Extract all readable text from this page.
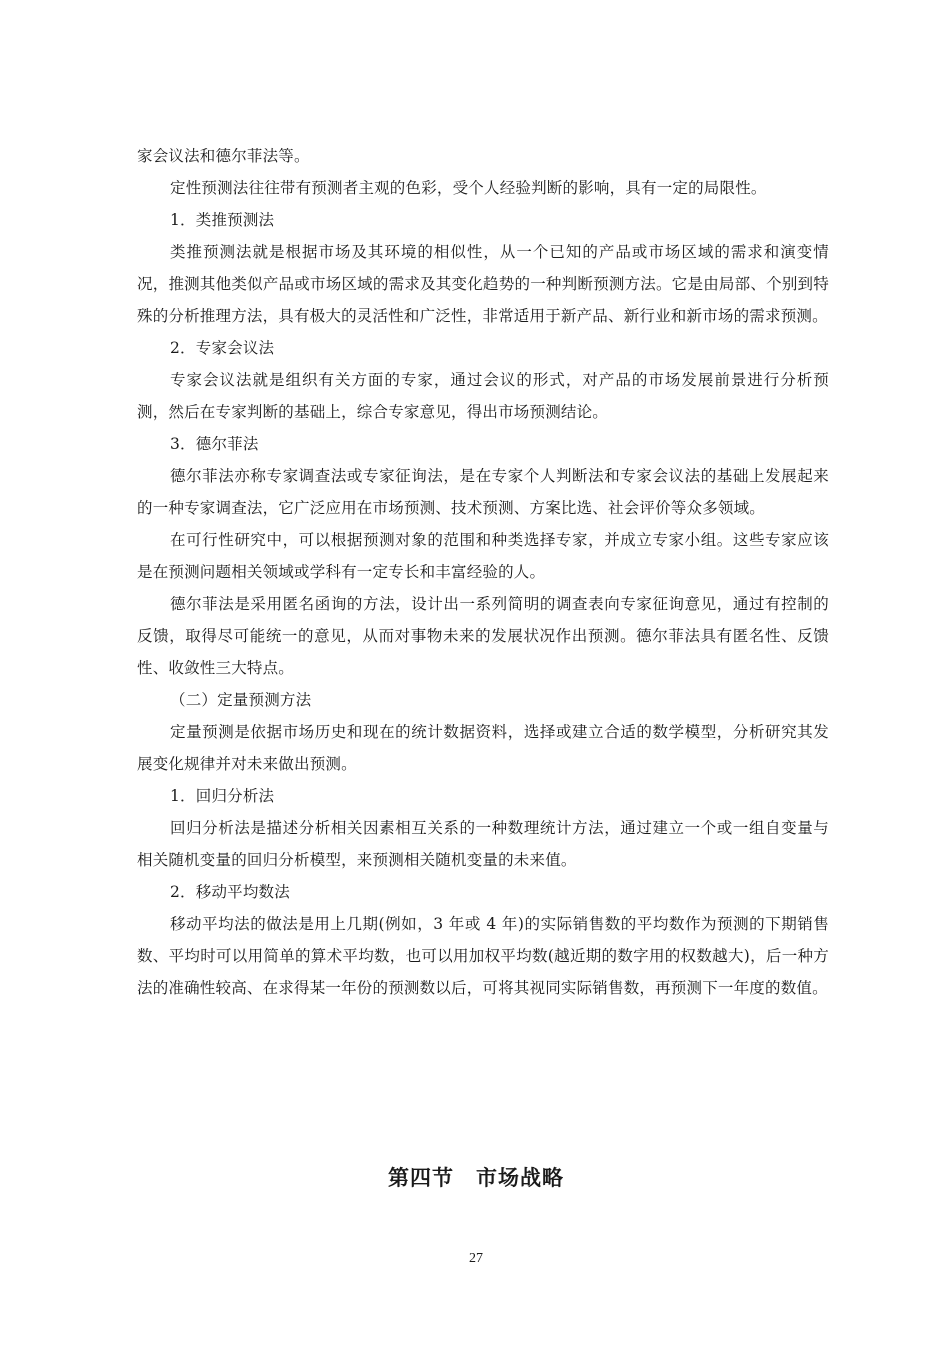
家会议法和德尔菲法等。

定性预测法往往带有预测者主观的色彩，受个人经验判断的影响，具有一定的局限性。

1．类推预测法

类推预测法就是根据市场及其环境的相似性，从一个已知的产品或市场区域的需求和演变情况，推测其他类似产品或市场区域的需求及其变化趋势的一种判断预测方法。它是由局部、个别到特殊的分析推理方法，具有极大的灵活性和广泛性，非常适用于新产品、新行业和新市场的需求预测。

2．专家会议法

专家会议法就是组织有关方面的专家，通过会议的形式，对产品的市场发展前景进行分析预测，然后在专家判断的基础上，综合专家意见，得出市场预测结论。

3．德尔菲法

德尔菲法亦称专家调查法或专家征询法，是在专家个人判断法和专家会议法的基础上发展起来的一种专家调查法，它广泛应用在市场预测、技术预测、方案比选、社会评价等众多领域。

在可行性研究中，可以根据预测对象的范围和种类选择专家，并成立专家小组。这些专家应该是在预测问题相关领域或学科有一定专长和丰富经验的人。

德尔菲法是采用匿名函询的方法，设计出一系列简明的调查表向专家征询意见，通过有控制的反馈，取得尽可能统一的意见，从而对事物未来的发展状况作出预测。德尔菲法具有匿名性、反馈性、收敛性三大特点。

（二）定量预测方法

定量预测是依据市场历史和现在的统计数据资料，选择或建立合适的数学模型，分析研究其发展变化规律并对未来做出预测。

1．回归分析法

回归分析法是描述分析相关因素相互关系的一种数理统计方法，通过建立一个或一组自变量与相关随机变量的回归分析模型，来预测相关随机变量的未来值。

2．移动平均数法

移动平均法的做法是用上几期(例如，3 年或 4 年)的实际销售数的平均数作为预测的下期销售数、平均时可以用简单的算术平均数，也可以用加权平均数(越近期的数字用的权数越大)，后一种方法的准确性较高、在求得某一年份的预测数以后，可将其视同实际销售数，再预测下一年度的数值。

第四节　市场战略
27
